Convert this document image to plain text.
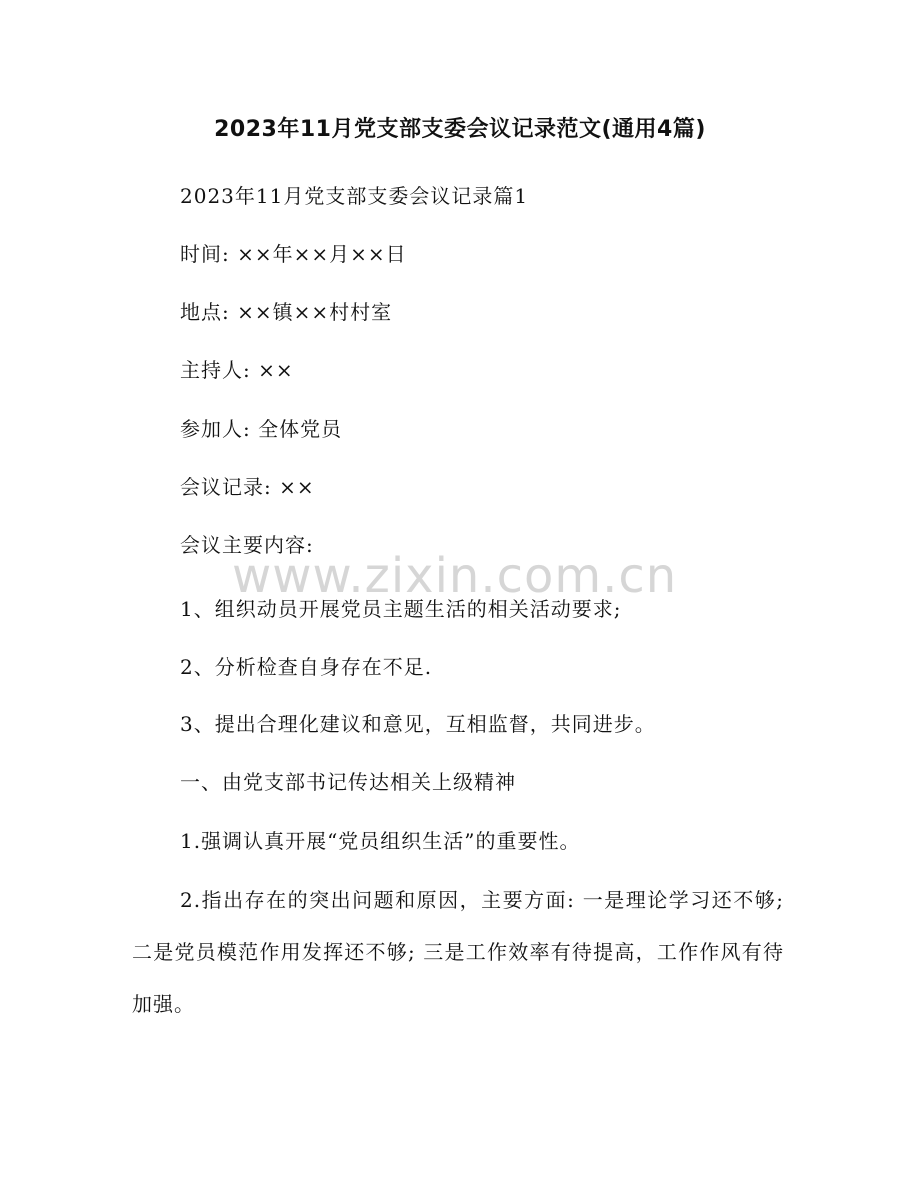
2023年11月党支部支委会议记录范文(通用4篇)
2023年11月党支部支委会议记录篇1
时间: ××年××月××日
地点: ××镇××村村室
主持人: ××
参加人: 全体党员
会议记录: ××
会议主要内容:
1、组织动员开展党员主题生活的相关活动要求;
2、分析检查自身存在不足.
3、提出合理化建议和意见，互相监督，共同进步。
一、由党支部书记传达相关上级精神
1.强调认真开展“党员组织生活”的重要性。
2.指出存在的突出问题和原因，主要方面: 一是理论学习还不够; 二是党员模范作用发挥还不够; 三是工作效率有待提高，工作作风有待加强。
www.zixin.com.cn
